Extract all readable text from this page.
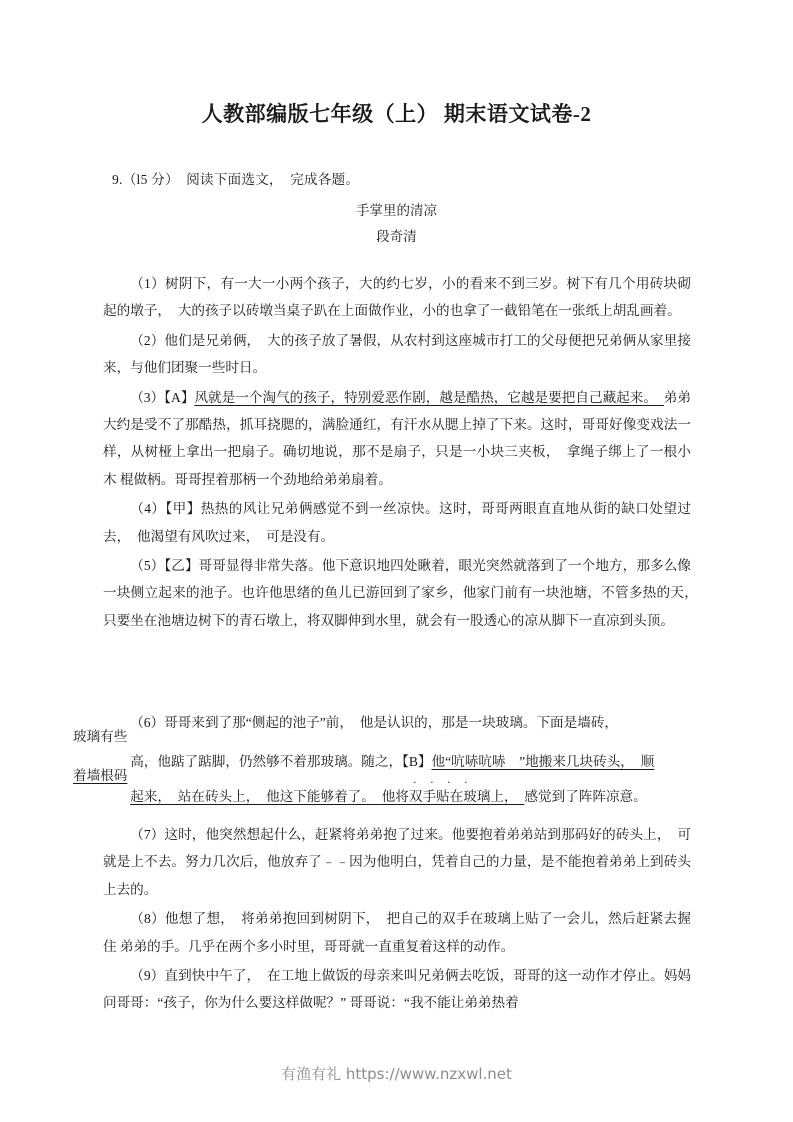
人教部编版七年级（上） 期末语文试卷-2
9.（l5 分）  阅读下面选文，  完成各题。
手掌里的清凉
段奇清

（1）树阴下，有一大一小两个孩子，大的约七岁，小的看来不到三岁。树下有几个用砖块砌 起的墩子，　大的孩子以砖墩当桌子趴在上面做作业，小的也拿了一截铅笔在一张纸上胡乱画着。

（2）他们是兄弟俩，　大的孩子放了暑假，从农村到这座城市打工的父母便把兄弟俩从家里接 来，与他们团聚一些时日。

（3）【A】风就是一个淘气的孩子，特别爱恶作剧，越是酷热，它越是要把自己藏起来。　弟弟 大约是受不了那酷热，抓耳挠腮的，满脸通红，有汗水从腮上掉了下来。这时，哥哥好像变戏法一　样，从树桠上拿出一把扇子。确切地说，那不是扇子，只是一小块三夹板，　拿绳子绑上了一根小木 棍做柄。哥哥捏着那柄一个劲地给弟弟扇着。

（4）【甲】热热的风让兄弟俩感觉不到一丝凉快。这时，哥哥两眼直直地从街的缺口处望过去，　他渴望有风吹过来，　可是没有。

（5）【乙】哥哥显得非常失落。他下意识地四处瞅着，眼光突然就落到了一个地方，那多么像 一块侧立起来的池子。也许他思绪的鱼儿已游回到了家乡，他家门前有一块池塘，不管多热的天，　只要坐在池塘边树下的青石墩上，将双脚伸到水里，就会有一股透心的凉从脚下一直凉到头顶。

（6）哥哥来到了那“侧起的池子”前，　他是认识的，那是一块玻璃。下面是墙砖，
玻璃有些
高，他踮了踮脚，仍然够不着那玻璃。随之，【B】他“吭哧吭哧　”地搬来几块砖头，　顺
着墙根码
起来，　站在砖头上，　他这下能够着了。　· · · · 他将双手贴在玻璃上，　感觉到了阵阵凉意。

（7）这时，他突然想起什么，赶紧将弟弟抱了过来。他要抱着弟弟站到那码好的砖头上，　可 就是上不去。努力几次后，他放弃了﹣﹣因为他明白，凭着自己的力量，是不能抱着弟弟上到砖头 上去的。

（8）他想了想，　将弟弟抱回到树阴下，　把自己的双手在玻璃上贴了一会儿，然后赶紧去握住 弟弟的手。几乎在两个多小时里，哥哥就一直重复着这样的动作。

（9）直到快中午了，　在工地上做饭的母亲来叫兄弟俩去吃饭，哥哥的这一动作才停止。妈妈 问哥哥：“孩子，你为什么要这样做呢？” 哥哥说：“我不能让弟弟热着

有渔有礼 https://www.nzxwl.net
